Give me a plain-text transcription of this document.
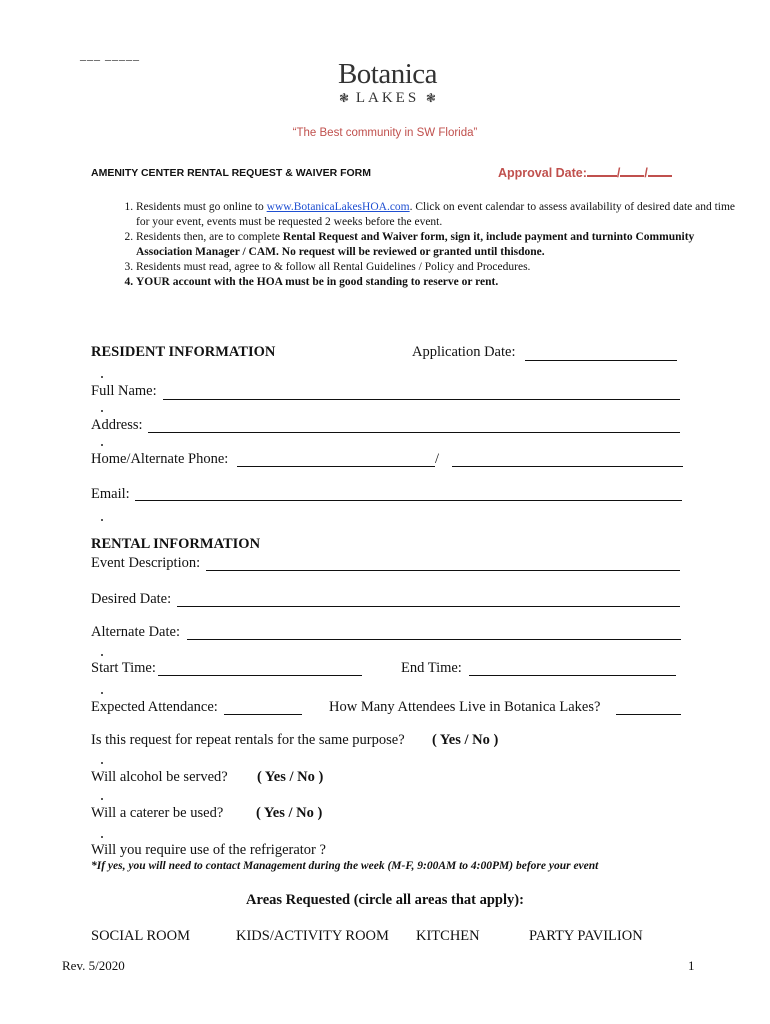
___ _____
Botanica
❃ LAKES ❃
“The Best community in SW Florida”
AMENITY CENTER RENTAL REQUEST & WAIVER FORM	Approval Date: / /
1. Residents must go online to www.BotanicaLakesHOA.com. Click on event calendar to assess availability of desired date and time for your event, events must be requested 2 weeks before the event.
2. Residents then, are to complete Rental Request and Waiver form, sign it, include payment and turninto Community Association Manager / CAM. No request will be reviewed or granted until thisdone.
3. Residents must read, agree to & follow all Rental Guidelines / Policy and Procedures.
4. YOUR account with the HOA must be in good standing to reserve or rent.
RESIDENT INFORMATION	Application Date:
Full Name:
Address:
Home/Alternate Phone:	/
Email:
RENTAL INFORMATION
Event Description:
Desired Date:
Alternate Date:
Start Time:	End Time:
Expected Attendance:	How Many Attendees Live in Botanica Lakes?
Is this request for repeat rentals for the same purpose? ( Yes / No )
Will alcohol be served? ( Yes / No )
Will a caterer be used? ( Yes / No )
Will you require use of the refrigerator ?
*If yes, you will need to contact Management during the week (M-F, 9:00AM to 4:00PM) before your event
Areas Requested (circle all areas that apply):
SOCIAL ROOM	KIDS/ACTIVITY ROOM KITCHEN	PARTY PAVILION
Rev. 5/2020	1
